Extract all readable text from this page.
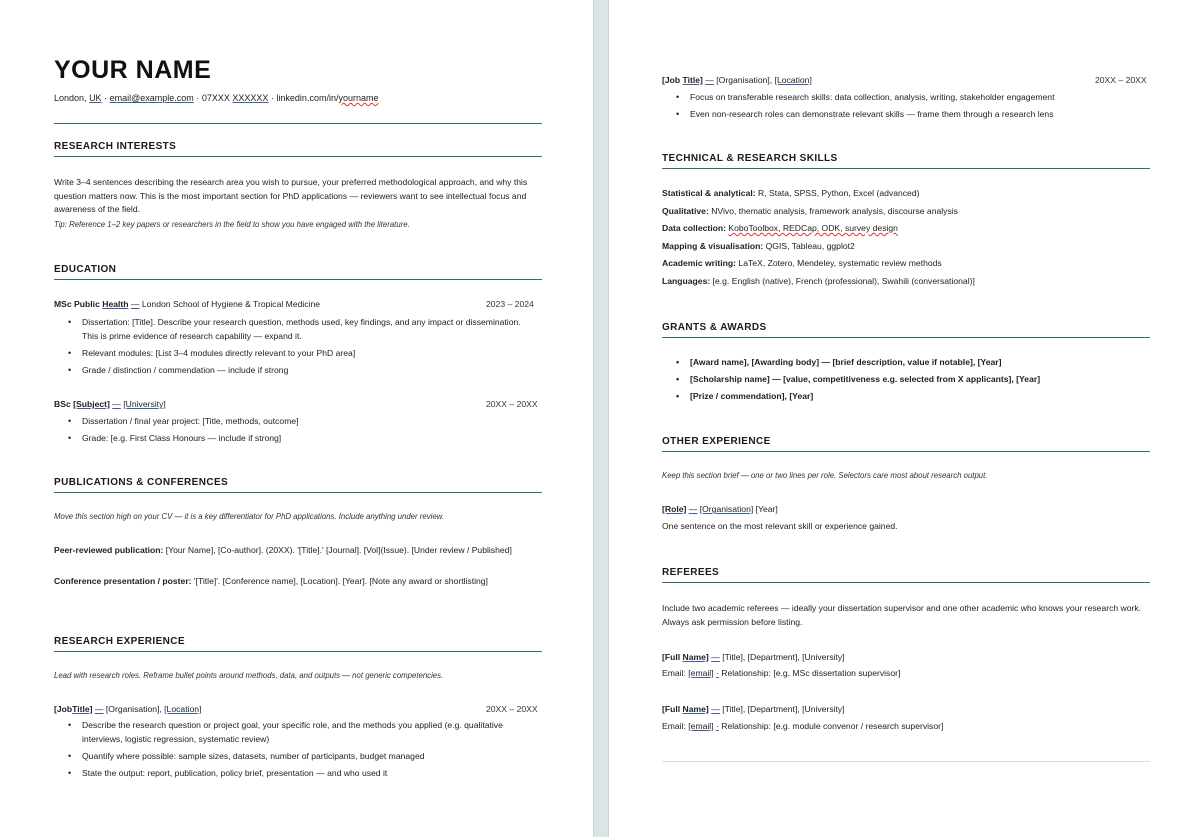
YOUR NAME
London, UK · email@example.com · 07XXX XXXXXX · linkedin.com/in/yourname
RESEARCH INTERESTS
Write 3–4 sentences describing the research area you wish to pursue, your preferred methodological approach, and why this question matters now. This is the most important section for PhD applications — reviewers want to see intellectual focus and awareness of the field.
Tip: Reference 1–2 key papers or researchers in the field to show you have engaged with the literature.
EDUCATION
MSc Public Health — London School of Hygiene & Tropical Medicine	2023 – 2024
• Dissertation: [Title]. Describe your research question, methods used, key findings, and any impact or dissemination. This is prime evidence of research capability — expand it.
• Relevant modules: [List 3–4 modules directly relevant to your PhD area]
• Grade / distinction / commendation — include if strong
BSc [Subject] — [University]	20XX – 20XX
• Dissertation / final year project: [Title, methods, outcome]
• Grade: [e.g. First Class Honours — include if strong]
PUBLICATIONS & CONFERENCES
Move this section high on your CV — it is a key differentiator for PhD applications. Include anything under review.
Peer-reviewed publication: [Your Name], [Co-author]. (20XX). '[Title].' [Journal]. [Vol](Issue). [Under review / Published]
Conference presentation / poster: '[Title]'. [Conference name], [Location]. [Year]. [Note any award or shortlisting]
RESEARCH EXPERIENCE
Lead with research roles. Reframe bullet points around methods, data, and outputs — not generic competencies.
[JobTitle] — [Organisation], [Location]	20XX – 20XX
• Describe the research question or project goal, your specific role, and the methods you applied (e.g. qualitative interviews, logistic regression, systematic review)
• Quantify where possible: sample sizes, datasets, number of participants, budget managed
• State the output: report, publication, policy brief, presentation — and who used it
[Job Title] — [Organisation], [Location]	20XX – 20XX
• Focus on transferable research skills: data collection, analysis, writing, stakeholder engagement
• Even non-research roles can demonstrate relevant skills — frame them through a research lens
TECHNICAL & RESEARCH SKILLS
Statistical & analytical: R, Stata, SPSS, Python, Excel (advanced)
Qualitative: NVivo, thematic analysis, framework analysis, discourse analysis
Data collection: KoboToolbox, REDCap, ODK, survey design
Mapping & visualisation: QGIS, Tableau, ggplot2
Academic writing: LaTeX, Zotero, Mendeley, systematic review methods
Languages: [e.g. English (native), French (professional), Swahili (conversational)]
GRANTS & AWARDS
• [Award name], [Awarding body] — [brief description, value if notable], [Year]
• [Scholarship name] — [value, competitiveness e.g. selected from X applicants], [Year]
• [Prize / commendation], [Year]
OTHER EXPERIENCE
Keep this section brief — one or two lines per role. Selectors care most about research output.
[Role] — [Organisation] [Year]
One sentence on the most relevant skill or experience gained.
REFEREES
Include two academic referees — ideally your dissertation supervisor and one other academic who knows your research work. Always ask permission before listing.
[Full Name] — [Title], [Department], [University]
Email: [email] · Relationship: [e.g. MSc dissertation supervisor]
[Full Name] — [Title], [Department], [University]
Email: [email] · Relationship: [e.g. module convenor / research supervisor]
